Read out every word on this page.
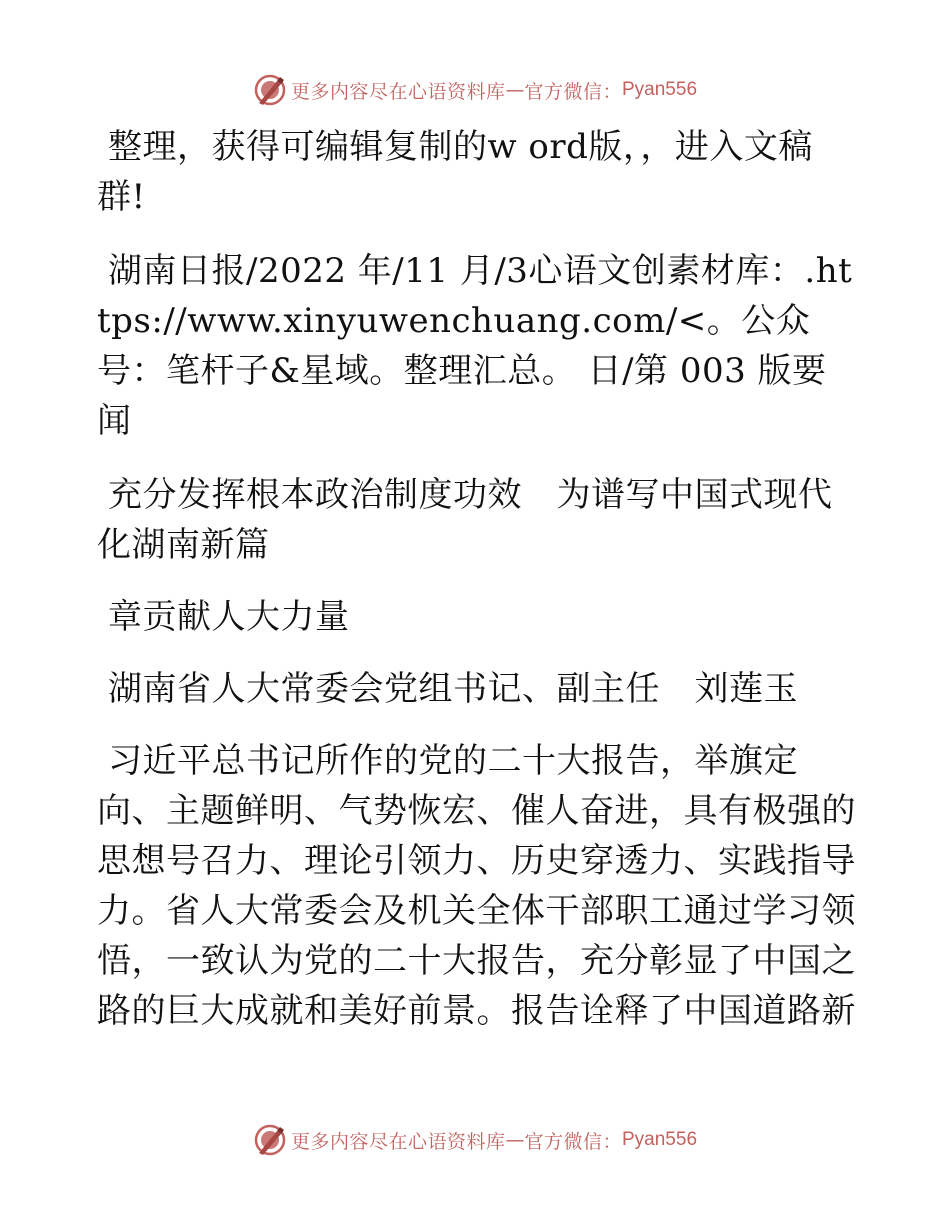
更多内容尽在心语资料库 — 官方微信： Pyan556

整理，获得可编辑复制的w ord版，，进入文稿群!

湖南日报/2022 年/11 月/3心语文创素材库：.https://www.xinyuwenchuang.com/<。公众号：笔杆子&星域。整理汇总。 日/第 003 版要闻

充分发挥根本政治制度功效　为谱写中国式现代化湖南新篇

章贡献人大力量

湖南省人大常委会党组书记、副主任　刘莲玉

习近平总书记所作的党的二十大报告，举旗定向、主题鲜明、气势恢宏、催人奋进，具有极强的思想号召力、理论引领力、历史穿透力、实践指导力。省人大常委会及机关全体干部职工通过学习领悟，一致认为党的二十大报告，充分彰显了中国之路的巨大成就和美好前景。报告诠释了中国道路新

更多内容尽在心语资料库 — 官方微信： Pyan556
